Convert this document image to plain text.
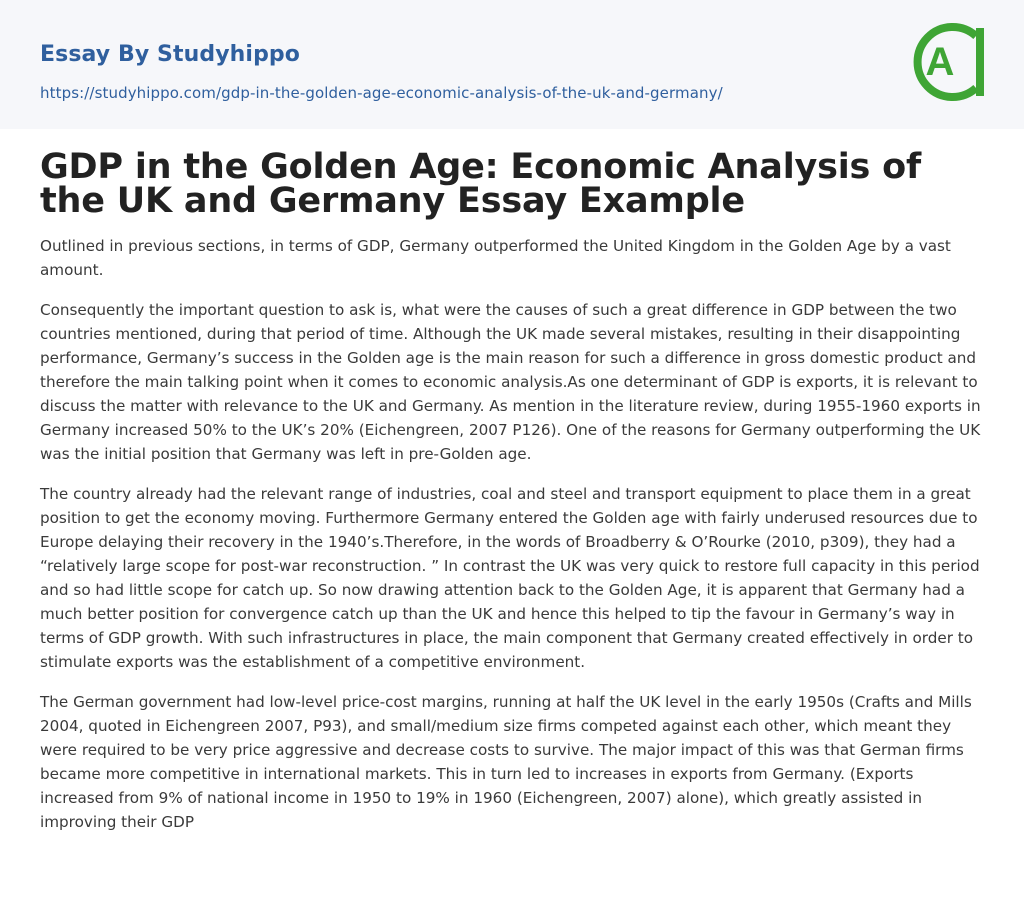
Essay By Studyhippo
https://studyhippo.com/gdp-in-the-golden-age-economic-analysis-of-the-uk-and-germany/
A
GDP in the Golden Age: Economic Analysis of the UK and Germany Essay Example

Outlined in previous sections, in terms of GDP, Germany outperformed the United Kingdom in the Golden Age by a vast amount.

Consequently the important question to ask is, what were the causes of such a great difference in GDP between the two countries mentioned, during that period of time. Although the UK made several mistakes, resulting in their disappointing performance, Germany’s success in the Golden age is the main reason for such a difference in gross domestic product and therefore the main talking point when it comes to economic analysis.As one determinant of GDP is exports, it is relevant to discuss the matter with relevance to the UK and Germany. As mention in the literature review, during 1955-1960 exports in Germany increased 50% to the UK’s 20% (Eichengreen, 2007 P126). One of the reasons for Germany outperforming the UK was the initial position that Germany was left in pre-Golden age.

The country already had the relevant range of industries, coal and steel and transport equipment to place them in a great position to get the economy moving. Furthermore Germany entered the Golden age with fairly underused resources due to Europe delaying their recovery in the 1940’s.Therefore, in the words of Broadberry & O’Rourke (2010, p309), they had a “relatively large scope for post-war reconstruction. ” In contrast the UK was very quick to restore full capacity in this period and so had little scope for catch up. So now drawing attention back to the Golden Age, it is apparent that Germany had a much better position for convergence catch up than the UK and hence this helped to tip the favour in Germany’s way in terms of GDP growth. With such infrastructures in place, the main component that Germany created effectively in order to stimulate exports was the establishment of a competitive environment.

The German government had low-level price-cost margins, running at half the UK level in the early 1950s (Crafts and Mills 2004, quoted in Eichengreen 2007, P93), and small/medium size firms competed against each other, which meant they were required to be very price aggressive and decrease costs to survive. The major impact of this was that German firms became more competitive in international markets. This in turn led to increases in exports from Germany. (Exports increased from 9% of national income in 1950 to 19% in 1960 (Eichengreen, 2007) alone), which greatly assisted in improving their GDP
